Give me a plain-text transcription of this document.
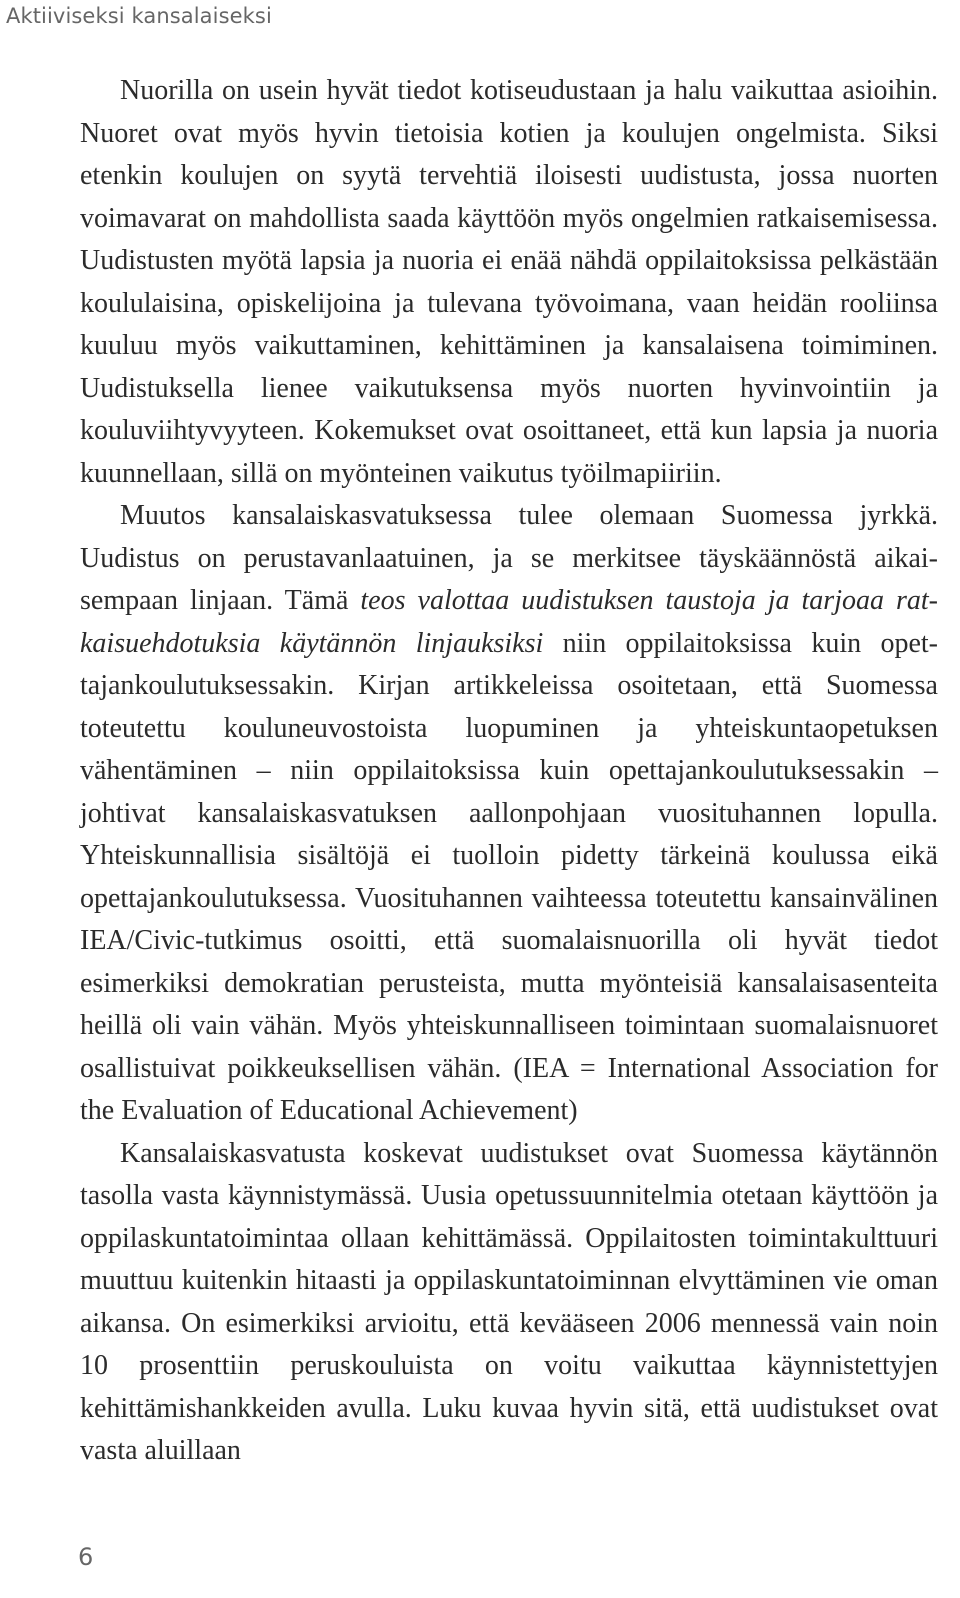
Aktiiviseksi kansalaiseksi

Nuorilla on usein hyvät tiedot kotiseudustaan ja halu vaikuttaa asioihin. Nuoret ovat myös hyvin tietoisia kotien ja koulujen ongelmista. Siksi etenkin koulujen on syytä tervehtiä iloisesti uudistusta, jossa nuorten voimavarat on mahdollista saada käyttöön myös ongelmien ratkaisemisessa. Uudistusten myötä lapsia ja nuoria ei enää nähdä oppilaitoksissa pelkästään koululaisina, opiskelijoina ja tulevana työvoimana, vaan heidän rooliinsa kuuluu myös vaikuttaminen, kehittäminen ja kansalaisena toimiminen. Uudistuksella lienee vaikutuksensa myös nuorten hyvinvointiin ja kouluviihtyvyyteen. Kokemukset ovat osoittaneet, että kun lapsia ja nuoria kuunnellaan, sillä on myönteinen vaikutus työilmapiiriin.

Muutos kansalaiskasvatuksessa tulee olemaan Suomessa jyrkkä. Uudistus on perustavanlaatuinen, ja se merkitsee täyskäännöstä aikaisempaan linjaan. Tämä teos valottaa uudistuksen taustoja ja tarjoaa ratkaisuehdotuksia käytännön linjauksiksi niin oppilaitoksissa kuin opettajankoulutuksessakin. Kirjan artikkeleissa osoitetaan, että Suomessa toteutettu kouluneuvostoista luopuminen ja yhteiskuntaopetuksen vähentäminen – niin oppilaitoksissa kuin opettajankoulutuksessakin – johtivat kansalaiskasvatuksen aallonpohjaan vuosituhannen lopulla. Yhteiskunnallisia sisältöjä ei tuolloin pidetty tärkeinä koulussa eikä opettajankoulutuksessa. Vuosituhannen vaihteessa toteutettu kansainvälinen IEA/Civic-tutkimus osoitti, että suomalaisnuorilla oli hyvät tiedot esimerkiksi demokratian perusteista, mutta myönteisiä kansalaisasenteita heillä oli vain vähän. Myös yhteiskunnalliseen toimintaan suomalaisnuoret osallistuivat poikkeuksellisen vähän. (IEA = International Association for the Evaluation of Educational Achievement)

Kansalaiskasvatusta koskevat uudistukset ovat Suomessa käytännön tasolla vasta käynnistymässä. Uusia opetussuunnitelmia otetaan käyttöön ja oppilaskuntatoimintaa ollaan kehittämässä. Oppilaitosten toimintakulttuuri muuttuu kuitenkin hitaasti ja oppilaskuntatoiminnan elvyttäminen vie oman aikansa. On esimerkiksi arvioitu, että kevääseen 2006 mennessä vain noin 10 prosenttiin peruskouluista on voitu vaikuttaa käynnistettyjen kehittämishankkeiden avulla. Luku kuvaa hyvin sitä, että uudistukset ovat vasta aluillaan

6
